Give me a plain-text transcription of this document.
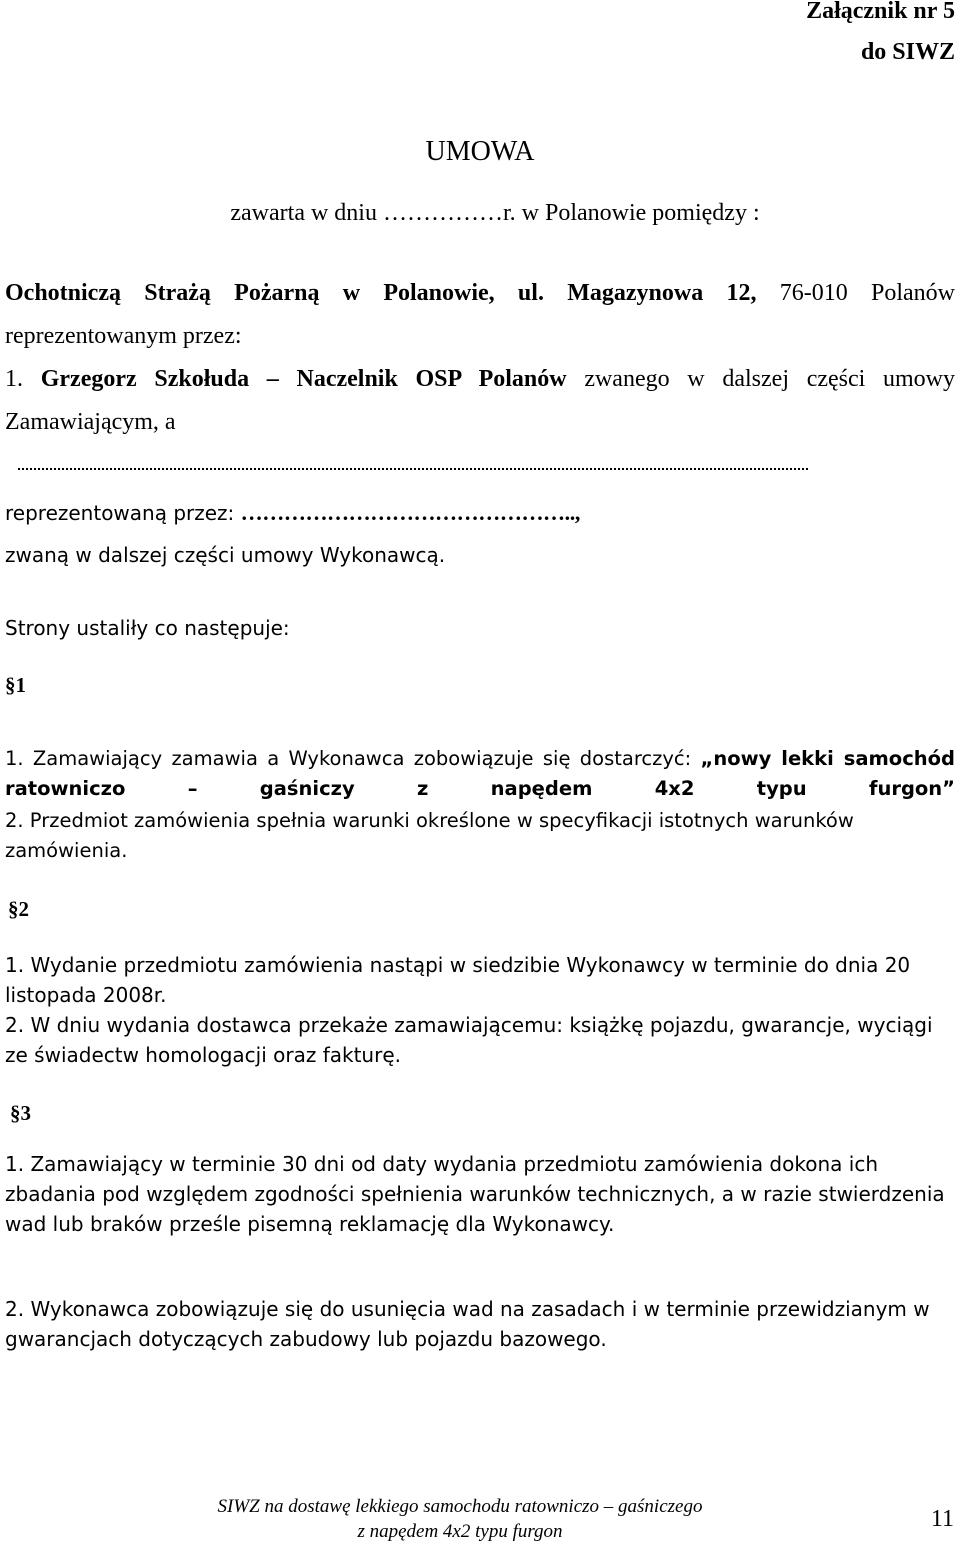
Załącznik nr 5
do SIWZ
UMOWA
zawarta w dniu ……………r. w Polanowie pomiędzy :
Ochotniczą Strażą Pożarną w Polanowie, ul. Magazynowa 12, 76-010 Polanów
reprezentowanym przez:
1. Grzegorz Szkołuda – Naczelnik OSP Polanów zwanego w dalszej części umowy
Zamawiającym, a
reprezentowaną przez: ………………………………………..,
zwaną w dalszej części umowy Wykonawcą.
Strony ustaliły co następuje:
§1
1. Zamawiający zamawia a Wykonawca zobowiązuje się dostarczyć: „nowy lekki samochód ratowniczo – gaśniczy z napędem 4x2 typu furgon”
2. Przedmiot zamówienia spełnia warunki określone w specyfikacji istotnych warunków zamówienia.
§2
1. Wydanie przedmiotu zamówienia nastąpi w siedzibie Wykonawcy w terminie do dnia 20 listopada 2008r.
2. W dniu wydania dostawca przekaże zamawiającemu: książkę pojazdu, gwarancje, wyciągi ze świadectw homologacji oraz fakturę.
§3
1. Zamawiający w terminie 30 dni od daty wydania przedmiotu zamówienia dokona ich zbadania pod względem zgodności spełnienia warunków technicznych, a w razie stwierdzenia wad lub braków prześle pisemną reklamację dla Wykonawcy.
2. Wykonawca zobowiązuje się do usunięcia wad na zasadach i w terminie przewidzianym w gwarancjach dotyczących zabudowy lub pojazdu bazowego.
SIWZ na dostawę lekkiego samochodu ratowniczo – gaśniczego
z napędem 4x2 typu furgon	11
